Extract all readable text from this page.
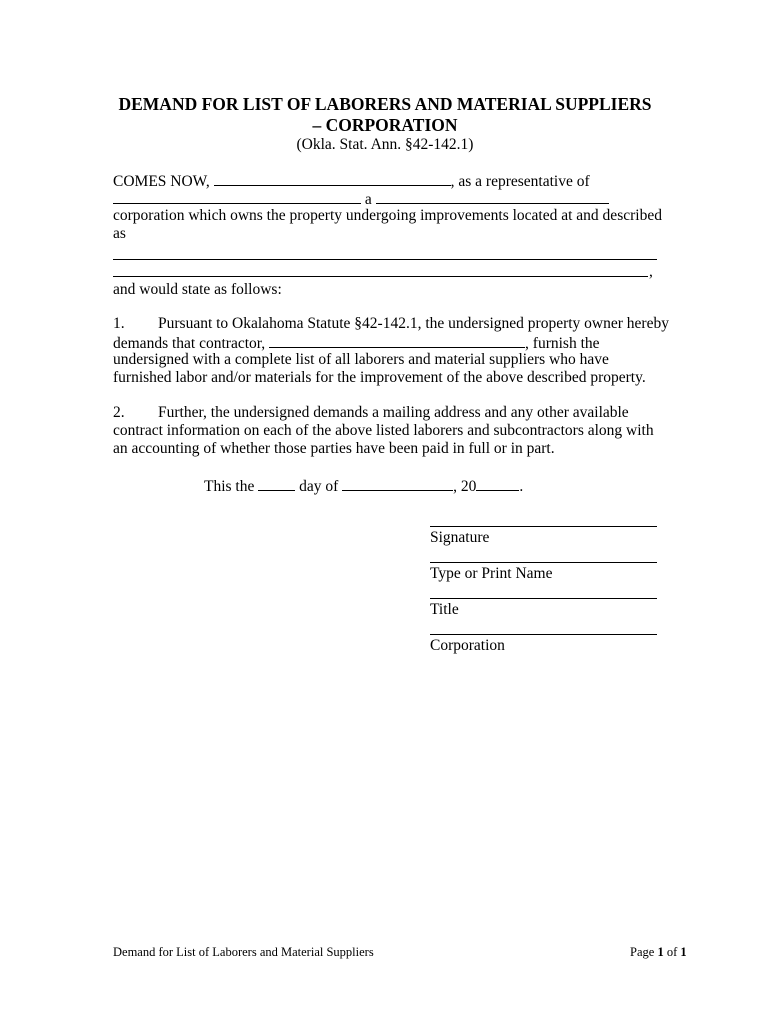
DEMAND FOR LIST OF LABORERS AND MATERIAL SUPPLIERS
– CORPORATION
(Okla. Stat. Ann. §42-142.1)
COMES NOW,	, as a representative of
a
corporation which owns the property undergoing improvements located at and described
as
,
and would state as follows:
1. Pursuant to Okalahoma Statute §42-142.1, the undersigned property owner hereby
demands that contractor,	, furnish the
undersigned with a complete list of all laborers and material suppliers who have
furnished labor and/or materials for the improvement of the above described property.
2. Further, the undersigned demands a mailing address and any other available
contract information on each of the above listed laborers and subcontractors along with
an accounting of whether those parties have been paid in full or in part.
This the	day of	, 20	.
Signature
Type or Print Name
Title
Corporation
Demand for List of Laborers and Material Suppliers	Page 1 of 1
